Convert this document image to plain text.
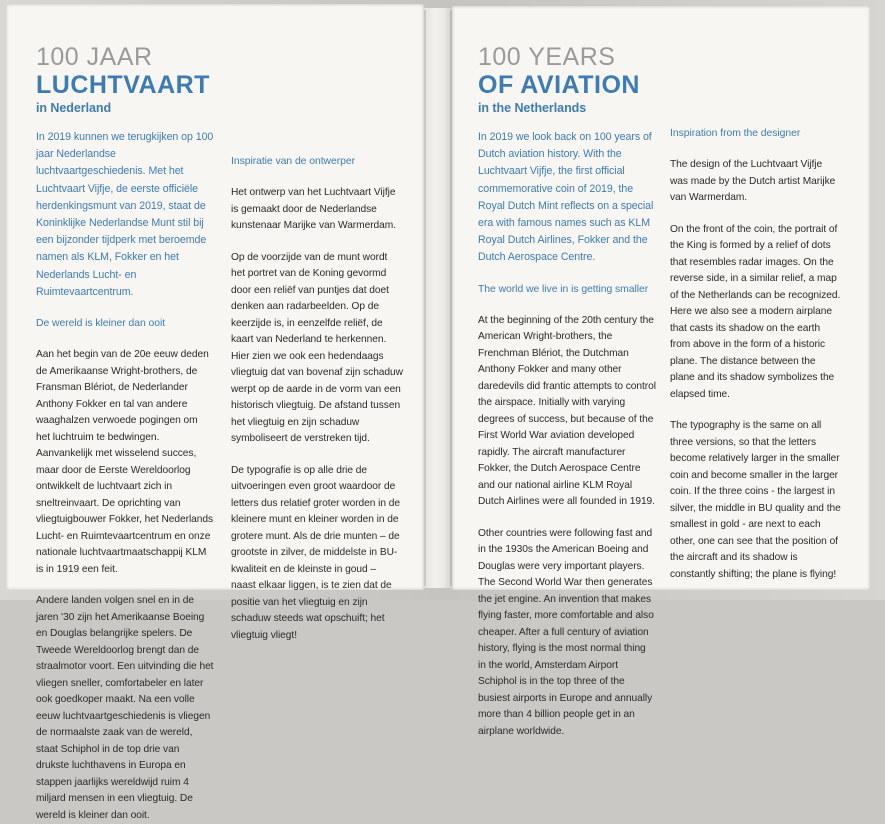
100 JAAR
LUCHTVAART
in Nederland

In 2019 kunnen we terugkijken op 100 jaar Nederlandse luchtvaartgeschiedenis. Met het Luchtvaart Vijfje, de eerste officiële herdenkingsmunt van 2019, staat de Koninklijke Nederlandse Munt stil bij een bijzonder tijdperk met beroemde namen als KLM, Fokker en het Nederlands Lucht- en Ruimtevaartcentrum.

De wereld is kleiner dan ooit

Aan het begin van de 20e eeuw deden de Amerikaanse Wright-brothers, de Fransman Blériot, de Nederlander Anthony Fokker en tal van andere waaghalzen verwoede pogingen om het luchtruim te bedwingen. Aanvankelijk met wisselend succes, maar door de Eerste Wereldoorlog ontwikkelt de luchtvaart zich in sneltreinvaart. De oprichting van vliegtuigbouwer Fokker, het Nederlands Lucht- en Ruimtevaartcentrum en onze nationale luchtvaartmaatschappij KLM is in 1919 een feit.

Andere landen volgen snel en in de jaren '30 zijn het Amerikaanse Boeing en Douglas belangrijke spelers. De Tweede Wereldoorlog brengt dan de straalmotor voort. Een uitvinding die het vliegen sneller, comfortabeler en later ook goedkoper maakt. Na een volle eeuw luchtvaartgeschiedenis is vliegen de normaalste zaak van de wereld, staat Schiphol in de top drie van drukste luchthavens in Europa en stappen jaarlijks wereldwijd ruim 4 miljard mensen in een vliegtuig. De wereld is kleiner dan ooit.

Inspiratie van de ontwerper

Het ontwerp van het Luchtvaart Vijfje is gemaakt door de Nederlandse kunstenaar Marijke van Warmerdam.

Op de voorzijde van de munt wordt het portret van de Koning gevormd door een reliëf van puntjes dat doet denken aan radarbeelden. Op de keerzijde is, in eenzelfde reliëf, de kaart van Nederland te herkennen. Hier zien we ook een hedendaags vliegtuig dat van bovenaf zijn schaduw werpt op de aarde in de vorm van een historisch vliegtuig. De afstand tussen het vliegtuig en zijn schaduw symboliseert de verstreken tijd.

De typografie is op alle drie de uitvoeringen even groot waardoor de letters dus relatief groter worden in de kleinere munt en kleiner worden in de grotere munt. Als de drie munten – de grootste in zilver, de middelste in BU-kwaliteit en de kleinste in goud – naast elkaar liggen, is te zien dat de positie van het vliegtuig en zijn schaduw steeds wat opschuift; het vliegtuig vliegt!

100 YEARS
OF AVIATION
in the Netherlands

In 2019 we look back on 100 years of Dutch aviation history. With the Luchtvaart Vijfje, the first official commemorative coin of 2019, the Royal Dutch Mint reflects on a special era with famous names such as KLM Royal Dutch Airlines, Fokker and the Dutch Aerospace Centre.

The world we live in is getting smaller

At the beginning of the 20th century the American Wright-brothers, the Frenchman Blériot, the Dutchman Anthony Fokker and many other daredevils did frantic attempts to control the airspace. Initially with varying degrees of success, but because of the First World War aviation developed rapidly. The aircraft manufacturer Fokker, the Dutch Aerospace Centre and our national airline KLM Royal Dutch Airlines were all founded in 1919.

Other countries were following fast and in the 1930s the American Boeing and Douglas were very important players. The Second World War then generates the jet engine. An invention that makes flying faster, more comfortable and also cheaper. After a full century of aviation history, flying is the most normal thing in the world, Amsterdam Airport Schiphol is in the top three of the busiest airports in Europe and annually more than 4 billion people get in an airplane worldwide.

Inspiration from the designer

The design of the Luchtvaart Vijfje was made by the Dutch artist Marijke van Warmerdam.

On the front of the coin, the portrait of the King is formed by a relief of dots that resembles radar images. On the reverse side, in a similar relief, a map of the Netherlands can be recognized. Here we also see a modern airplane that casts its shadow on the earth from above in the form of a historic plane. The distance between the plane and its shadow symbolizes the elapsed time.

The typography is the same on all three versions, so that the letters become relatively larger in the smaller coin and become smaller in the larger coin. If the three coins - the largest in silver, the middle in BU quality and the smallest in gold - are next to each other, one can see that the position of the aircraft and its shadow is constantly shifting; the plane is flying!
